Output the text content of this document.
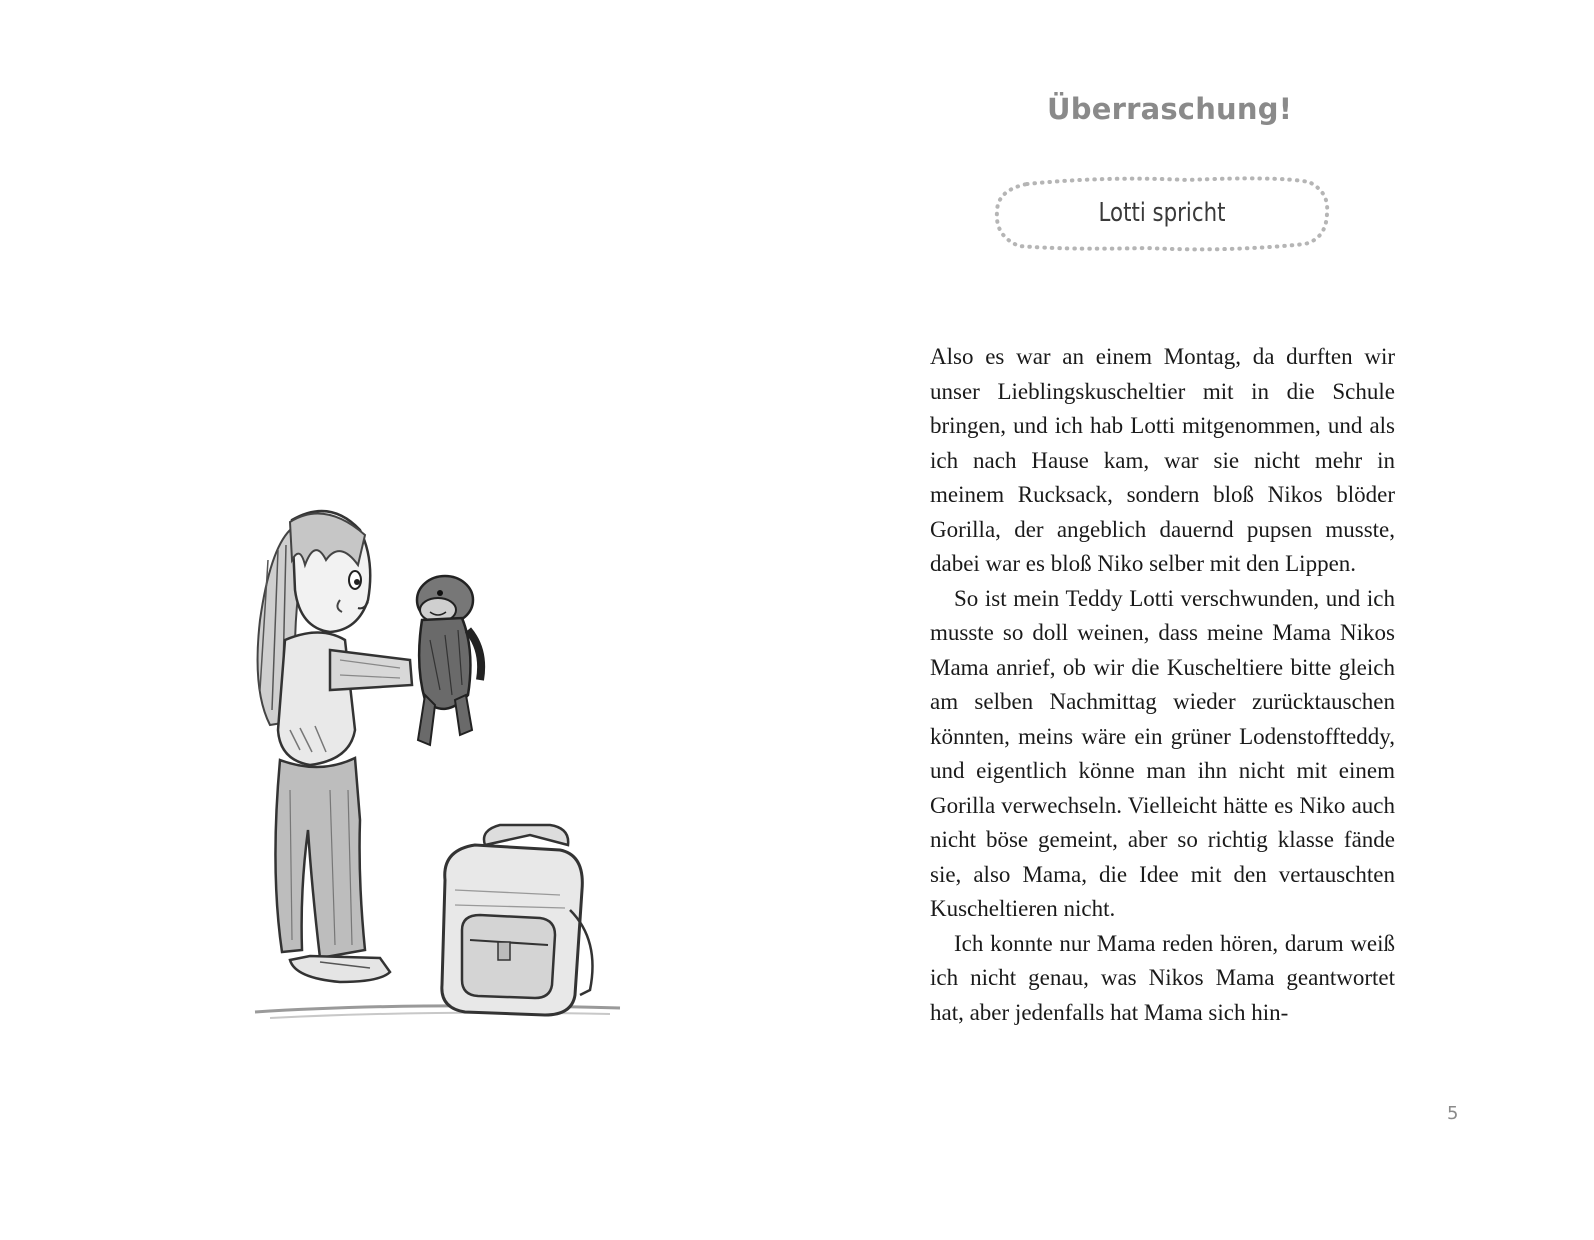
Überraschung!
Lotti spricht

Also es war an einem Montag, da durften wir unser Lieblingskuscheltier mit in die Schule bringen, und ich hab Lotti mitgenommen, und als ich nach Hause kam, war sie nicht mehr in meinem Rucksack, sondern bloß Nikos blöder Gorilla, der angeblich dauernd pupsen musste, dabei war es bloß Niko selber mit den Lippen.

So ist mein Teddy Lotti verschwunden, und ich musste so doll weinen, dass meine Mama Nikos Mama anrief, ob wir die Kuscheltiere bitte gleich am selben Nachmittag wieder zurücktauschen könnten, meins wäre ein grüner Lodenstoffteddy, und eigentlich könne man ihn nicht mit einem Gorilla verwechseln. Vielleicht hätte es Niko auch nicht böse gemeint, aber so richtig klasse fände sie, also Mama, die Idee mit den vertauschten Kuscheltieren nicht.

Ich konnte nur Mama reden hören, darum weiß ich nicht genau, was Nikos Mama geantwortet hat, aber jedenfalls hat Mama sich hin-

5
